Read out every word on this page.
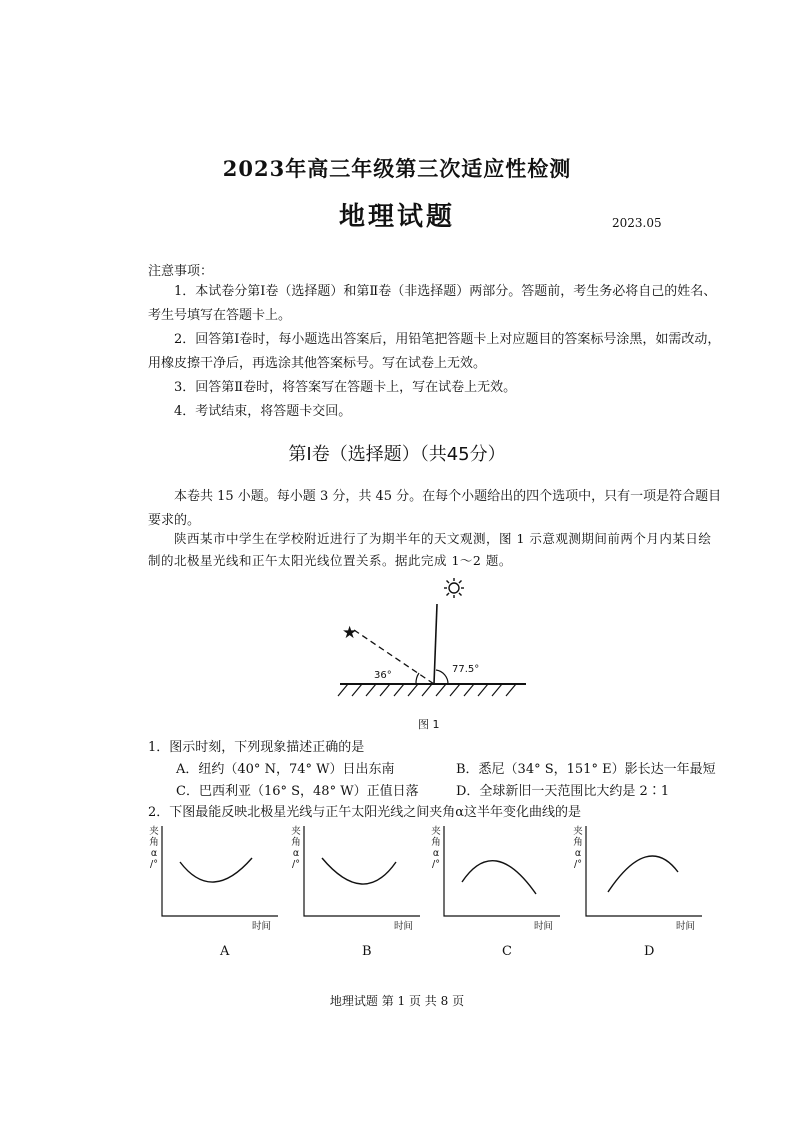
2023年高三年级第三次适应性检测
地理试题	2023.05
注意事项：
1．本试卷分第Ⅰ卷（选择题）和第Ⅱ卷（非选择题）两部分。答题前，考生务必将自己的姓名、考生号填写在答题卡上。
2．回答第Ⅰ卷时，每小题选出答案后，用铅笔把答题卡上对应题目的答案标号涂黑，如需改动，用橡皮擦干净后，再选涂其他答案标号。写在试卷上无效。
3．回答第Ⅱ卷时，将答案写在答题卡上，写在试卷上无效。
4．考试结束，将答题卡交回。
第Ⅰ卷（选择题）（共45分）
本卷共 15 小题。每小题 3 分，共 45 分。在每个小题给出的四个选项中，只有一项是符合题目要求的。
陕西某市中学生在学校附近进行了为期半年的天文观测，图 1 示意观测期间前两个月内某日绘制的北极星光线和正午太阳光线位置关系。据此完成 1～2 题。
★
36°
77.5°
图 1
1．图示时刻，下列现象描述正确的是
A．纽约（40° N，74° W）日出东南	B．悉尼（34° S，151° E）影长达一年最短
C．巴西利亚（16° S，48° W）正值日落	D．全球新旧一天范围比大约是 2∶1
2．下图最能反映北极星光线与正午太阳光线之间夹角α这半年变化曲线的是
夹
角
α
/°
时间
A
夹
角
α
/°
时间
B
夹
角
α
/°
时间
C
夹
角
α
/°
时间
D
地理试题 第 1 页 共 8 页
